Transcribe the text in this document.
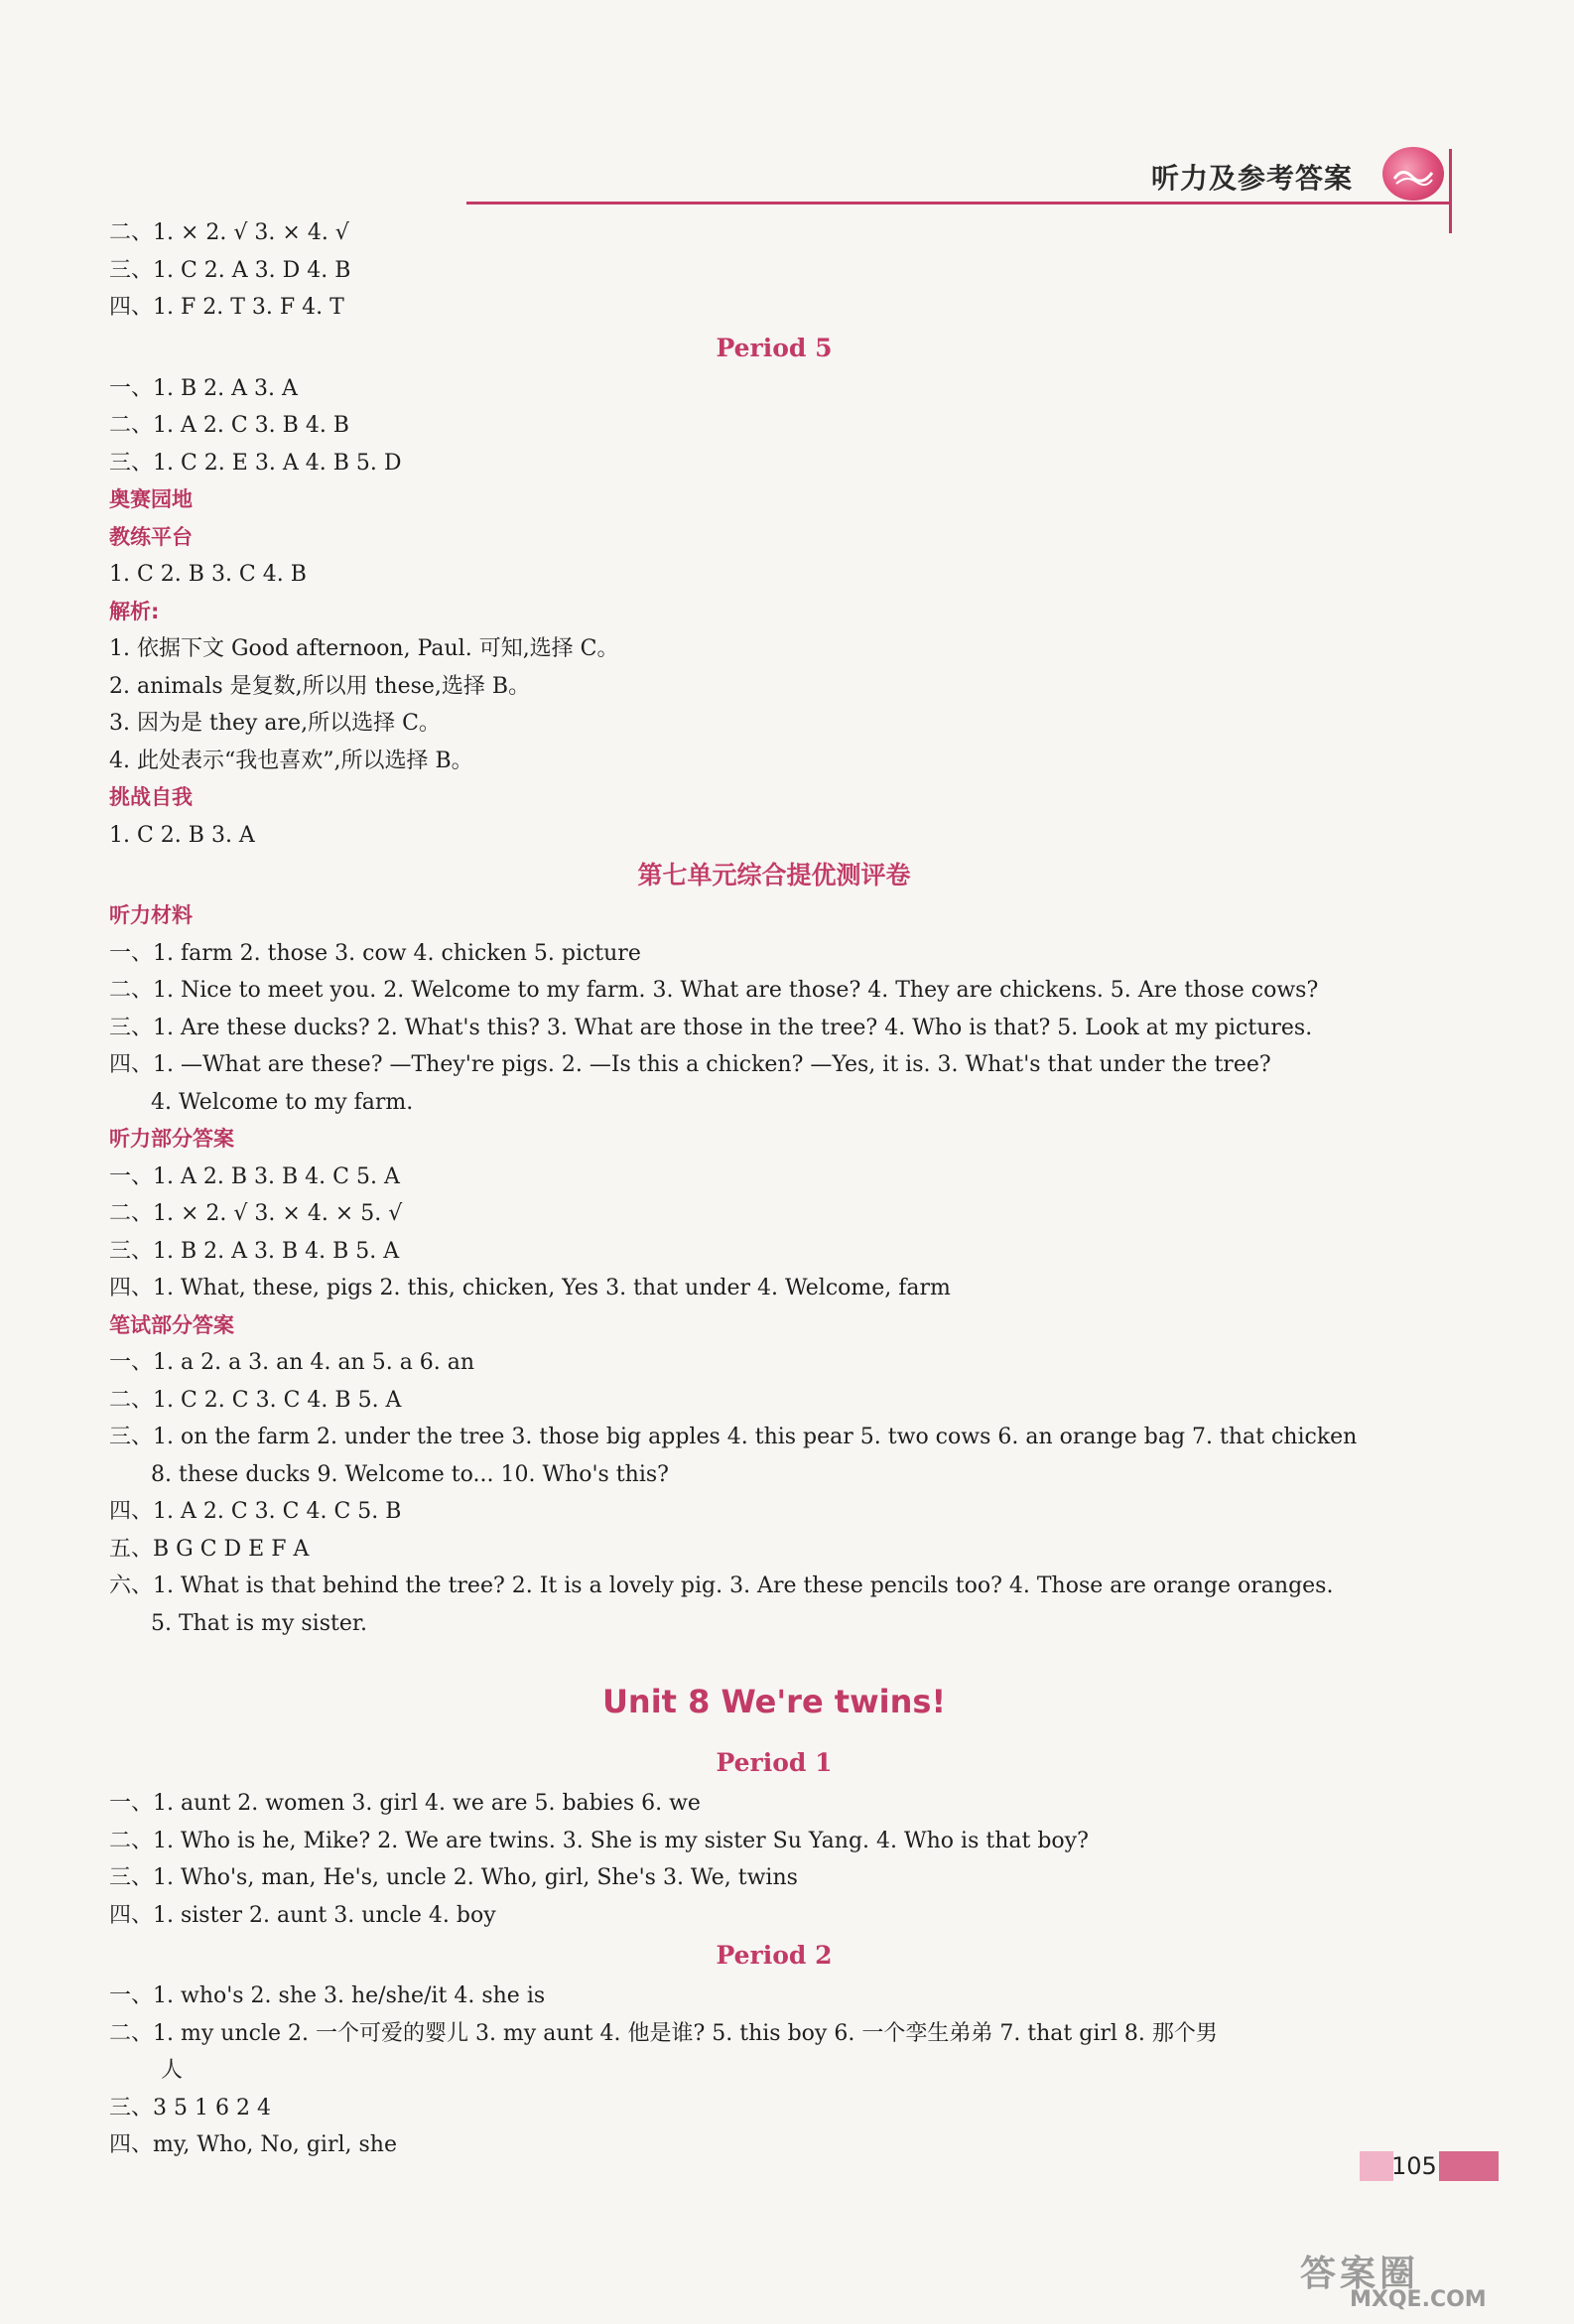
听力及参考答案
二、1. × 2. √ 3. × 4. √
三、1. C 2. A 3. D 4. B
四、1. F 2. T 3. F 4. T
Period 5
一、1. B 2. A 3. A
二、1. A 2. C 3. B 4. B
三、1. C 2. E 3. A 4. B 5. D
奥赛园地
教练平台
1. C 2. B 3. C 4. B
解析:
1. 依据下文 Good afternoon, Paul. 可知,选择 C。
2. animals 是复数,所以用 these,选择 B。
3. 因为是 they are,所以选择 C。
4. 此处表示“我也喜欢”,所以选择 B。
挑战自我
1. C 2. B 3. A
第七单元综合提优测评卷
听力材料
一、1. farm 2. those 3. cow 4. chicken 5. picture
二、1. Nice to meet you. 2. Welcome to my farm. 3. What are those? 4. They are chickens. 5. Are those cows?
三、1. Are these ducks? 2. What's this? 3. What are those in the tree? 4. Who is that? 5. Look at my pictures.
四、1. —What are these? —They're pigs. 2. —Is this a chicken? —Yes, it is. 3. What's that under the tree?
4. Welcome to my farm.
听力部分答案
一、1. A 2. B 3. B 4. C 5. A
二、1. × 2. √ 3. × 4. × 5. √
三、1. B 2. A 3. B 4. B 5. A
四、1. What, these, pigs 2. this, chicken, Yes 3. that under 4. Welcome, farm
笔试部分答案
一、1. a 2. a 3. an 4. an 5. a 6. an
二、1. C 2. C 3. C 4. B 5. A
三、1. on the farm 2. under the tree 3. those big apples 4. this pear 5. two cows 6. an orange bag 7. that chicken
8. these ducks 9. Welcome to... 10. Who's this?
四、1. A 2. C 3. C 4. C 5. B
五、B G C D E F A
六、1. What is that behind the tree? 2. It is a lovely pig. 3. Are these pencils too? 4. Those are orange oranges.
5. That is my sister.
Unit 8 We're twins!
Period 1
一、1. aunt 2. women 3. girl 4. we are 5. babies 6. we
二、1. Who is he, Mike? 2. We are twins. 3. She is my sister Su Yang. 4. Who is that boy?
三、1. Who's, man, He's, uncle 2. Who, girl, She's 3. We, twins
四、1. sister 2. aunt 3. uncle 4. boy
Period 2
一、1. who's 2. she 3. he/she/it 4. she is
二、1. my uncle 2. 一个可爱的婴儿 3. my aunt 4. 他是谁? 5. this boy 6. 一个孪生弟弟 7. that girl 8. 那个男
人
三、3 5 1 6 2 4
四、my, Who, No, girl, she
105
答案圈
MXQE.COM
